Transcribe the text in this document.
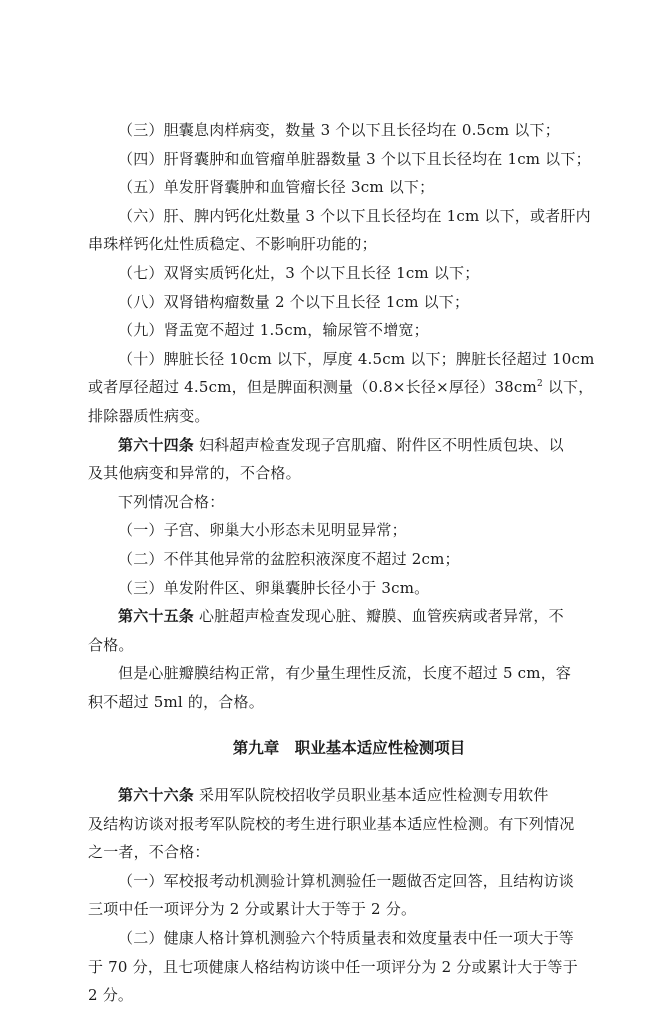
（三）胆囊息肉样病变，数量 3 个以下且长径均在 0.5cm 以下；
（四）肝肾囊肿和血管瘤单脏器数量 3 个以下且长径均在 1cm 以下；
（五）单发肝肾囊肿和血管瘤长径 3cm 以下；
（六）肝、脾内钙化灶数量 3 个以下且长径均在 1cm 以下，或者肝内
串珠样钙化灶性质稳定、不影响肝功能的；
（七）双肾实质钙化灶，3 个以下且长径 1cm 以下；
（八）双肾错构瘤数量 2 个以下且长径 1cm 以下；
（九）肾盂宽不超过 1.5cm，输尿管不增宽；
（十）脾脏长径 10cm 以下，厚度 4.5cm 以下；脾脏长径超过 10cm
或者厚径超过 4.5cm，但是脾面积测量（0.8×长径×厚径）$38cm^2$ 以下，
排除器质性病变。
第六十四条 妇科超声检查发现子宫肌瘤、附件区不明性质包块、以
及其他病变和异常的，不合格。
下列情况合格：
（一）子宫、卵巢大小形态未见明显异常；
（二）不伴其他异常的盆腔积液深度不超过 2cm；
（三）单发附件区、卵巢囊肿长径小于 3cm。
第六十五条 心脏超声检查发现心脏、瓣膜、血管疾病或者异常，不
合格。
但是心脏瓣膜结构正常，有少量生理性反流，长度不超过 5 cm，容
积不超过 5ml 的，合格。
第九章　职业基本适应性检测项目
第六十六条 采用军队院校招收学员职业基本适应性检测专用软件
及结构访谈对报考军队院校的考生进行职业基本适应性检测。有下列情况
之一者，不合格：
（一）军校报考动机测验计算机测验任一题做否定回答，且结构访谈
三项中任一项评分为 2 分或累计大于等于 2 分。
（二）健康人格计算机测验六个特质量表和效度量表中任一项大于等
于 70 分，且七项健康人格结构访谈中任一项评分为 2 分或累计大于等于
2 分。
